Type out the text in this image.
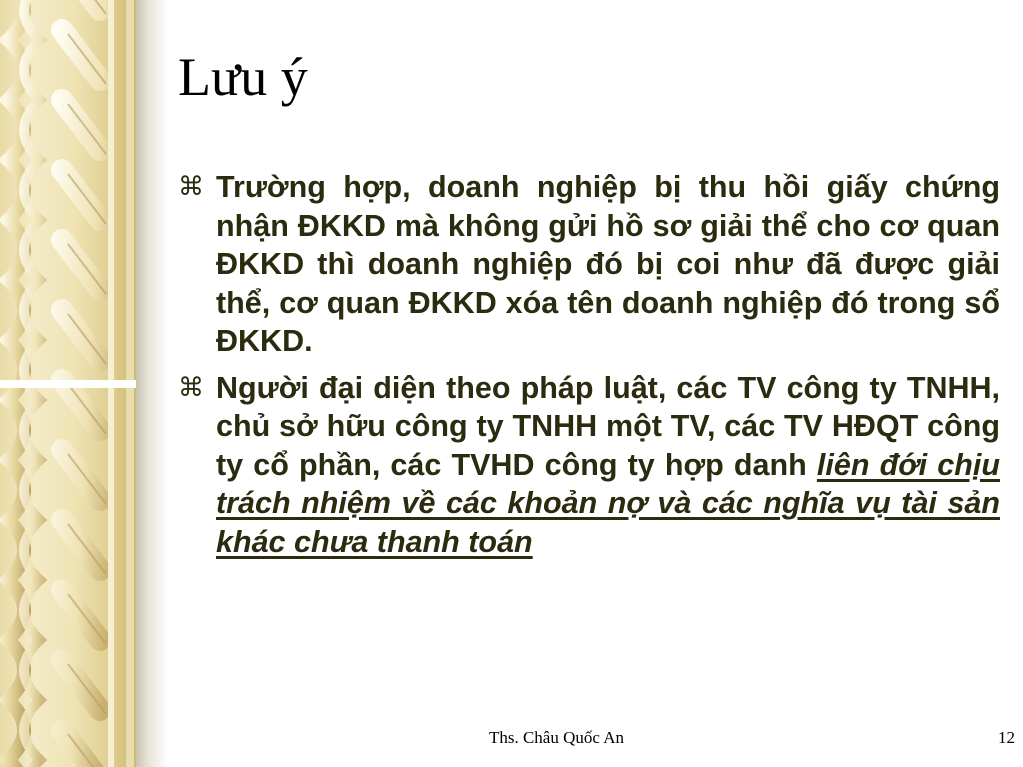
Lưu ý
⌘ Trường hợp, doanh nghiệp bị thu hồi giấy chứng nhận ĐKKD mà không gửi hồ sơ giải thể cho cơ quan ĐKKD thì doanh nghiệp đó bị coi như đã được giải thể, cơ quan ĐKKD xóa tên doanh nghiệp đó trong sổ ĐKKD.
⌘ Người đại diện theo pháp luật, các TV công ty TNHH, chủ sở hữu công ty TNHH một TV, các TV HĐQT công ty cổ phần, các TVHD công ty hợp danh liên đới chịu trách nhiệm về các khoản nợ và các nghĩa vụ tài sản khác chưa thanh toán
Ths. Châu Quốc An	12
